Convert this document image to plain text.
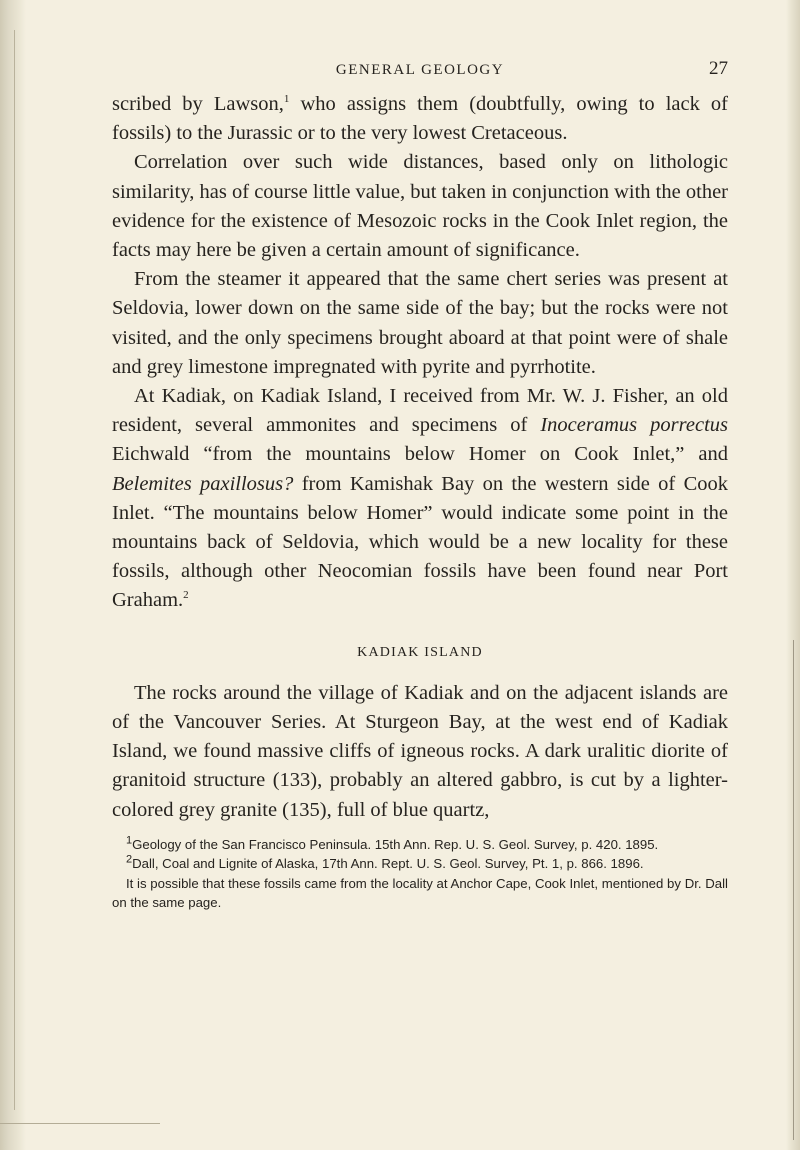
GENERAL GEOLOGY	27

scribed by Lawson,$^1$ who assigns them (doubtfully, owing to lack of fossils) to the Jurassic or to the very lowest Cretaceous.

Correlation over such wide distances, based only on lithologic similarity, has of course little value, but taken in conjunction with the other evidence for the existence of Mesozoic rocks in the Cook Inlet region, the facts may here be given a certain amount of significance.

From the steamer it appeared that the same chert series was present at Seldovia, lower down on the same side of the bay; but the rocks were not visited, and the only specimens brought aboard at that point were of shale and grey limestone impregnated with pyrite and pyrrhotite.

At Kadiak, on Kadiak Island, I received from Mr. W. J. Fisher, an old resident, several ammonites and specimens of Inoceramus porrectus Eichwald “from the mountains below Homer on Cook Inlet,” and Belemites paxillosus? from Kamishak Bay on the western side of Cook Inlet. “The mountains below Homer” would indicate some point in the mountains back of Seldovia, which would be a new locality for these fossils, although other Neocomian fossils have been found near Port Graham.$^2$

KADIAK ISLAND

The rocks around the village of Kadiak and on the adjacent islands are of the Vancouver Series. At Sturgeon Bay, at the west end of Kadiak Island, we found massive cliffs of igneous rocks. A dark uralitic diorite of granitoid structure (133), probably an altered gabbro, is cut by a lighter-colored grey granite (135), full of blue quartz,

$^1$Geology of the San Francisco Peninsula. 15th Ann. Rep. U. S. Geol. Survey, p. 420. 1895.

$^2$Dall, Coal and Lignite of Alaska, 17th Ann. Rept. U. S. Geol. Survey, Pt. 1, p. 866. 1896.

It is possible that these fossils came from the locality at Anchor Cape, Cook Inlet, mentioned by Dr. Dall on the same page.
